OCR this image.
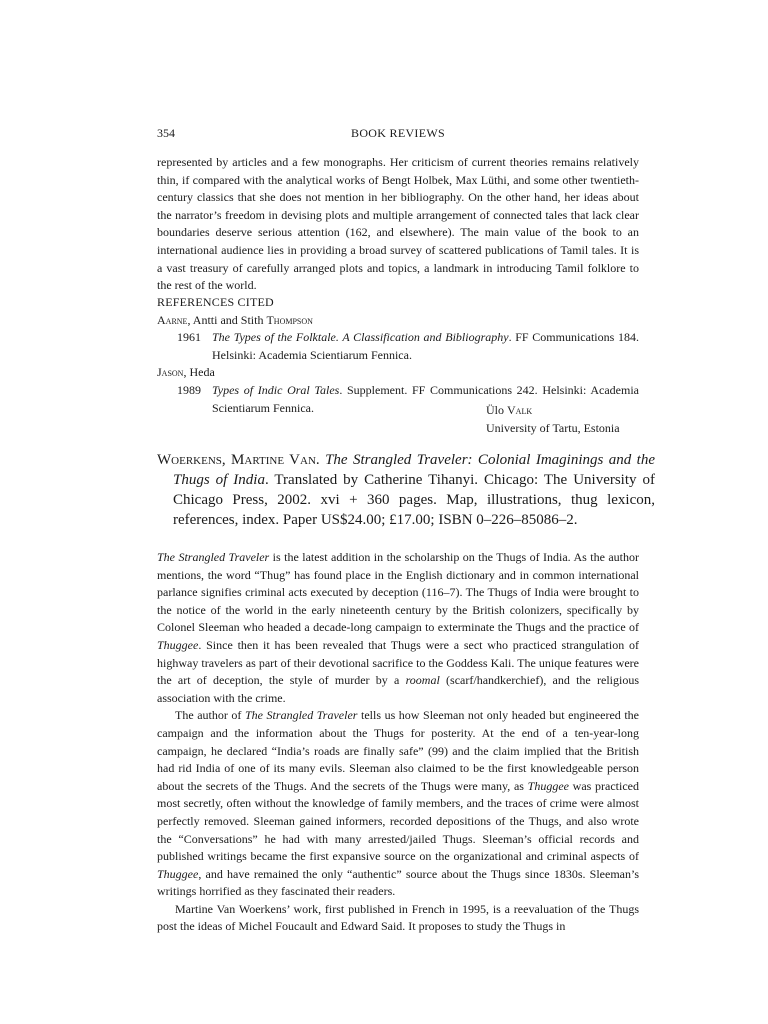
354	BOOK REVIEWS

represented by articles and a few monographs. Her criticism of current theories remains relatively thin, if compared with the analytical works of Bengt Holbek, Max Lüthi, and some other twentieth-century classics that she does not mention in her bibliography. On the other hand, her ideas about the narrator’s freedom in devising plots and multiple arrangement of connected tales that lack clear boundaries deserve serious attention (162, and elsewhere). The main value of the book to an international audience lies in providing a broad survey of scattered publications of Tamil tales. It is a vast treasury of carefully arranged plots and topics, a landmark in introducing Tamil folklore to the rest of the world.

REFERENCES CITED
Aarne, Antti and Stith Thompson
1961 The Types of the Folktale. A Classification and Bibliography. FF Communications 184. Helsinki: Academia Scientiarum Fennica.
Jason, Heda
1989 Types of Indic Oral Tales. Supplement. FF Communications 242. Helsinki: Academia Scientiarum Fennica.	Ülo Valk
University of Tartu, Estonia
Woerkens, Martine Van. The Strangled Traveler: Colonial Imaginings and the Thugs of India. Translated by Catherine Tihanyi. Chicago: The University of Chicago Press, 2002. xvi + 360 pages. Map, illustrations, thug lexicon, references, index. Paper US$24.00; £17.00; ISBN 0–226–85086–2.

The Strangled Traveler is the latest addition in the scholarship on the Thugs of India. As the author mentions, the word “Thug” has found place in the English dictionary and in common international parlance signifies criminal acts executed by deception (116–7). The Thugs of India were brought to the notice of the world in the early nineteenth century by the British colonizers, specifically by Colonel Sleeman who headed a decade-long campaign to exterminate the Thugs and the practice of Thuggee. Since then it has been revealed that Thugs were a sect who practiced strangulation of highway travelers as part of their devotional sacrifice to the Goddess Kali. The unique features were the art of deception, the style of murder by a roomal (scarf/handkerchief), and the religious association with the crime.

The author of The Strangled Traveler tells us how Sleeman not only headed but engineered the campaign and the information about the Thugs for posterity. At the end of a ten-year-long campaign, he declared “India’s roads are finally safe” (99) and the claim implied that the British had rid India of one of its many evils. Sleeman also claimed to be the first knowledgeable person about the secrets of the Thugs. And the secrets of the Thugs were many, as Thuggee was practiced most secretly, often without the knowledge of family members, and the traces of crime were almost perfectly removed. Sleeman gained informers, recorded depositions of the Thugs, and also wrote the “Conversations” he had with many arrested/jailed Thugs. Sleeman’s official records and published writings became the first expansive source on the organizational and criminal aspects of Thuggee, and have remained the only “authentic” source about the Thugs since 1830s. Sleeman’s writings horrified as they fascinated their readers.

Martine Van Woerkens’ work, first published in French in 1995, is a reevaluation of the Thugs post the ideas of Michel Foucault and Edward Said. It proposes to study the Thugs in
